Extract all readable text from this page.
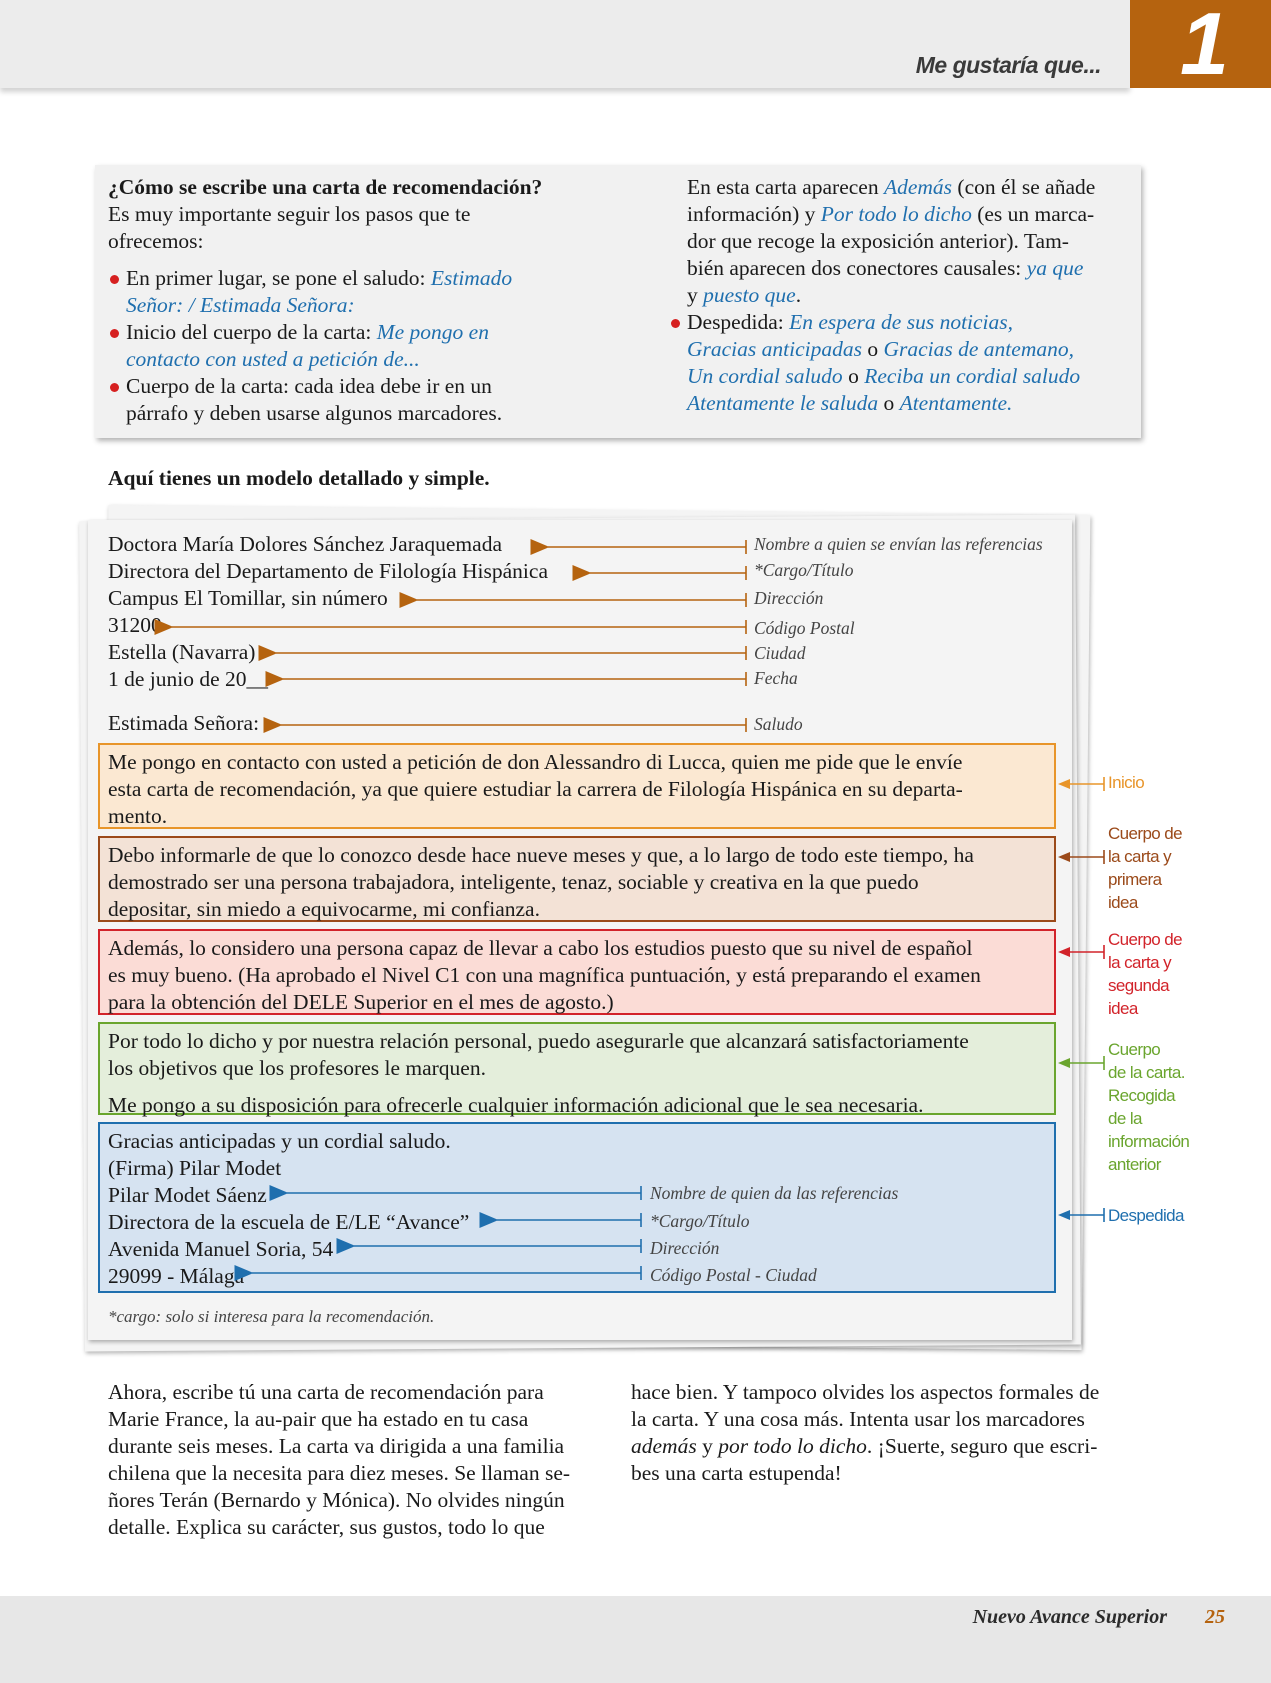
Me gustaría que... 1

¿Cómo se escribe una carta de recomendación?

Es muy importante seguir los pasos que te

ofrecemos:

En primer lugar, se pone el saludo: Estimado

Señor: / Estimada Señora:

Inicio del cuerpo de la carta: Me pongo en

contacto con usted a petición de...

Cuerpo de la carta: cada idea debe ir en un

párrafo y deben usarse algunos marcadores.

En esta carta aparecen Además (con él se añade

información) y Por todo lo dicho (es un marca-

dor que recoge la exposición anterior). Tam-

bién aparecen dos conectores causales: ya que

y puesto que.

Despedida: En espera de sus noticias,

Gracias anticipadas o Gracias de antemano,

Un cordial saludo o Reciba un cordial saludo

Atentamente le saluda o Atentamente.

Aquí tienes un modelo detallado y simple.
Doctora María Dolores Sánchez Jaraquemada
Directora del Departamento de Filología Hispánica
Campus El Tomillar, sin número
31200
Estella (Navarra)
1 de junio de 20__
Estimada Señora:
Nombre a quien se envían las referencias
*Cargo/Título
Dirección
Código Postal
Ciudad
Fecha
Saludo

Me pongo en contacto con usted a petición de don Alessandro di Lucca, quien me pide que le envíe

esta carta de recomendación, ya que quiere estudiar la carrera de Filología Hispánica en su departa-

mento.

Debo informarle de que lo conozco desde hace nueve meses y que, a lo largo de todo este tiempo, ha

demostrado ser una persona trabajadora, inteligente, tenaz, sociable y creativa en la que puedo

depositar, sin miedo a equivocarme, mi confianza.

Además, lo considero una persona capaz de llevar a cabo los estudios puesto que su nivel de español

es muy bueno. (Ha aprobado el Nivel C1 con una magnífica puntuación, y está preparando el examen

para la obtención del DELE Superior en el mes de agosto.)

Por todo lo dicho y por nuestra relación personal, puedo asegurarle que alcanzará satisfactoriamente

los objetivos que los profesores le marquen.

Me pongo a su disposición para ofrecerle cualquier información adicional que le sea necesaria.

Gracias anticipadas y un cordial saludo.

(Firma) Pilar Modet

Pilar Modet Sáenz

Directora de la escuela de E/LE “Avance”

Avenida Manuel Soria, 54

29099 - Málaga

Nombre de quien da las referencias
*Cargo/Título
Dirección
Código Postal - Ciudad
*cargo: solo si interesa para la recomendación.
Inicio
Cuerpo de
la carta y
primera
idea
Cuerpo de
la carta y
segunda
idea
Cuerpo
de la carta.
Recogida
de la
información
anterior
Despedida
Ahora, escribe tú una carta de recomendación para
Marie France, la au-pair que ha estado en tu casa
durante seis meses. La carta va dirigida a una familia
chilena que la necesita para diez meses. Se llaman se-
ñores Terán (Bernardo y Mónica). No olvides ningún
detalle. Explica su carácter, sus gustos, todo lo que
hace bien. Y tampoco olvides los aspectos formales de
la carta. Y una cosa más. Intenta usar los marcadores
además y por todo lo dicho. ¡Suerte, seguro que escri-
bes una carta estupenda!
Nuevo Avance Superior 25
